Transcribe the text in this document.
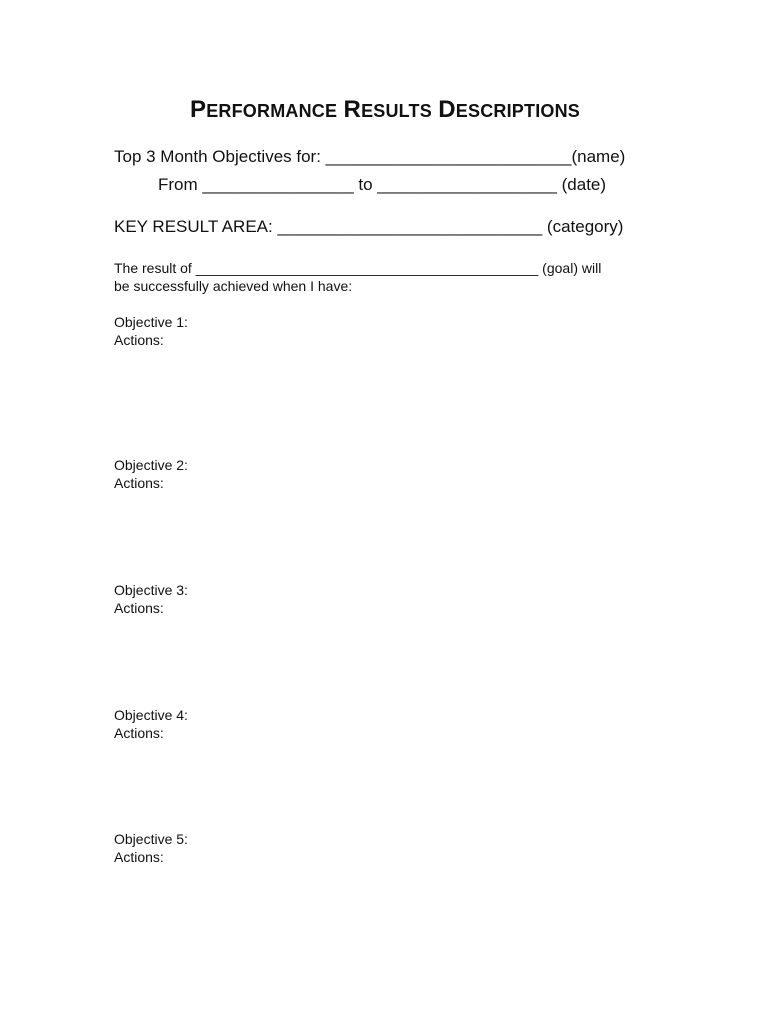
PERFORMANCE RESULTS DESCRIPTIONS
Top 3 Month Objectives for: __________________________(name)
From ________________ to ___________________ (date)
KEY RESULT AREA: ____________________________ (category)
The result of ____________________________________________ (goal) will
be successfully achieved when I have:
Objective 1:
Actions:
Objective 2:
Actions:
Objective 3:
Actions:
Objective 4:
Actions:
Objective 5:
Actions:
